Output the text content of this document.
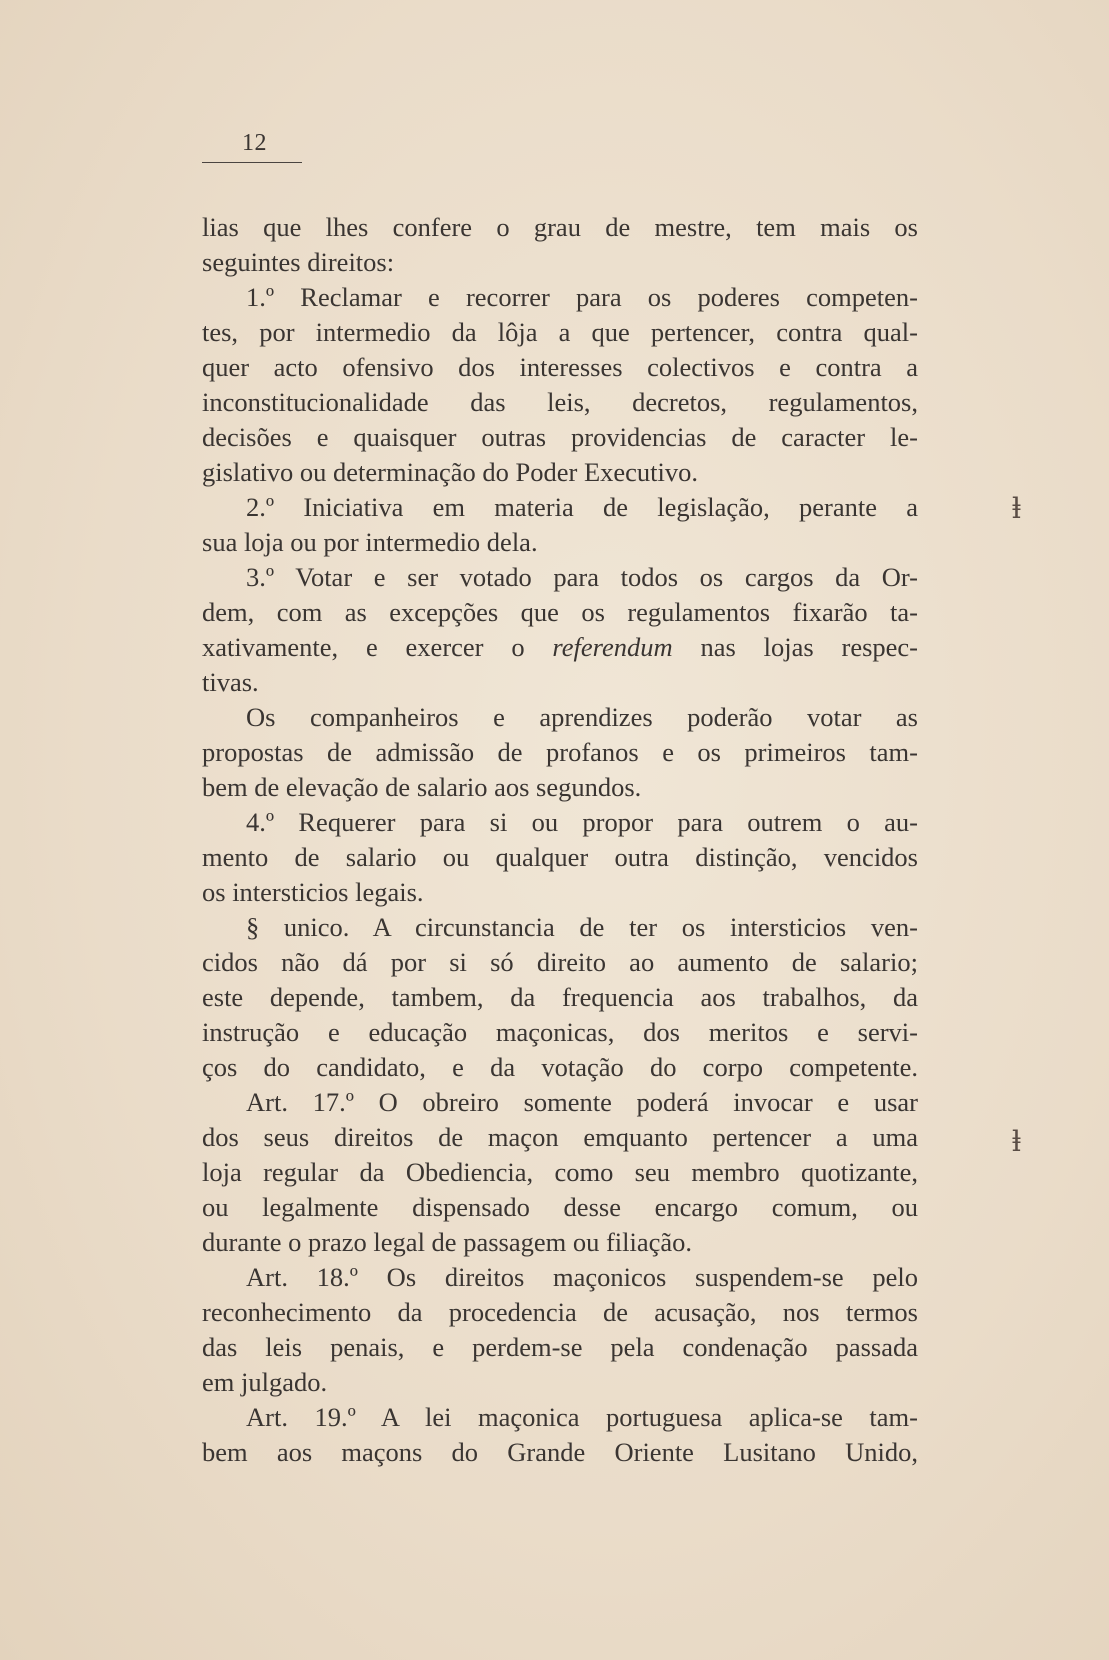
12
lias que lhes confere o grau de mestre, tem mais os
seguintes direitos:
1.º Reclamar e recorrer para os poderes competen-
tes, por intermedio da lôja a que pertencer, contra qual-
quer acto ofensivo dos interesses colectivos e contra a
inconstitucionalidade das leis, decretos, regulamentos,
decisões e quaisquer outras providencias de caracter le-
gislativo ou determinação do Poder Executivo.
2.º Iniciativa em materia de legislação, perante a
sua loja ou por intermedio dela.
3.º Votar e ser votado para todos os cargos da Or-
dem, com as excepções que os regulamentos fixarão ta-
xativamente, e exercer o referendum nas lojas respec-
tivas.
Os companheiros e aprendizes poderão votar as
propostas de admissão de profanos e os primeiros tam-
bem de elevação de salario aos segundos.
4.º Requerer para si ou propor para outrem o au-
mento de salario ou qualquer outra distinção, vencidos
os intersticios legais.
§ unico. A circunstancia de ter os intersticios ven-
cidos não dá por si só direito ao aumento de salario;
este depende, tambem, da frequencia aos trabalhos, da
instrução e educação maçonicas, dos meritos e servi-
ços do candidato, e da votação do corpo competente.
Art. 17.º O obreiro somente poderá invocar e usar
dos seus direitos de maçon emquanto pertencer a uma
loja regular da Obediencia, como seu membro quotizante,
ou legalmente dispensado desse encargo comum, ou
durante o prazo legal de passagem ou filiação.
Art. 18.º Os direitos maçonicos suspendem-se pelo
reconhecimento da procedencia de acusação, nos termos
das leis penais, e perdem-se pela condenação passada
em julgado.
Art. 19.º A lei maçonica portuguesa aplica-se tam-
bem aos maçons do Grande Oriente Lusitano Unido,
ⱡ
ⱡ
